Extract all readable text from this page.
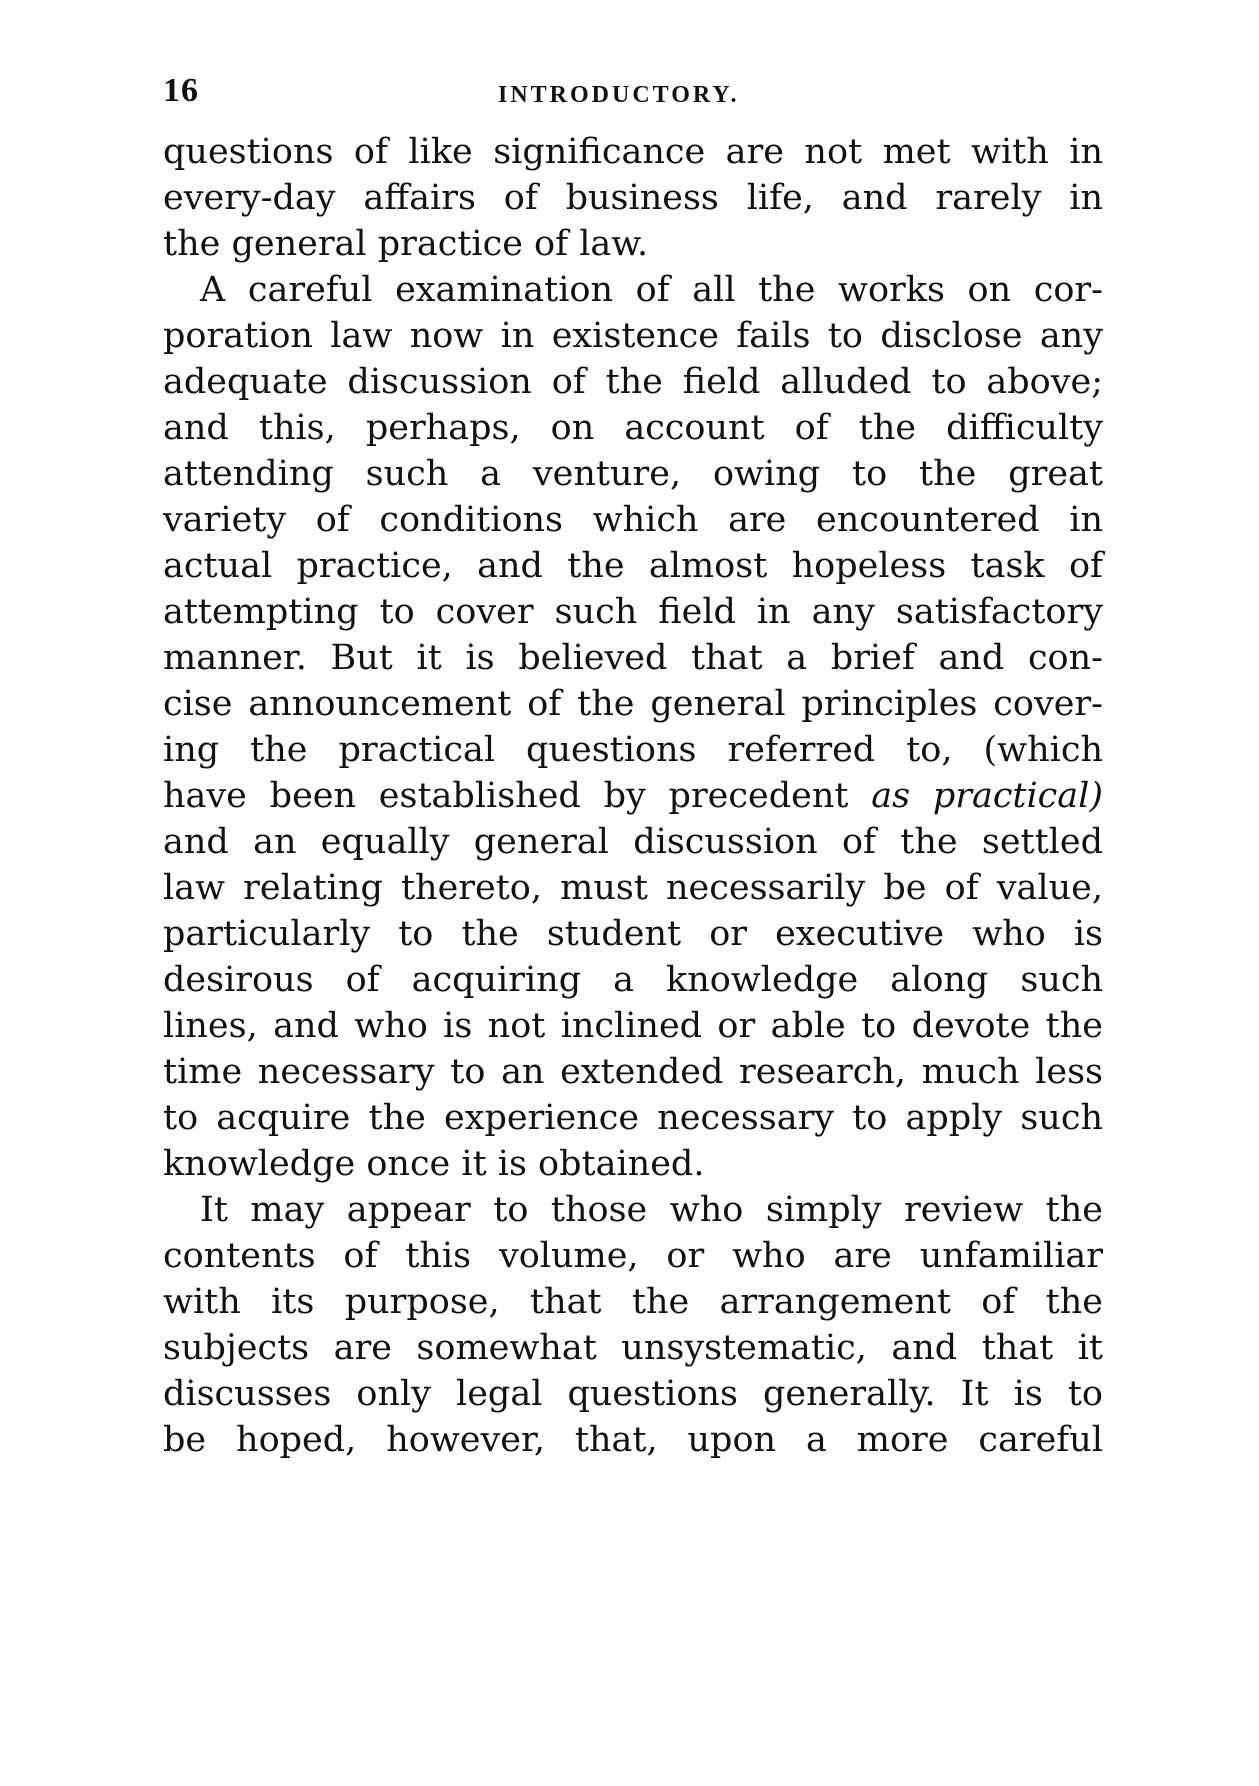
16	INTRODUCTORY.
questions of like significance are not met with in
every-day affairs of business life, and rarely in
the general practice of law.
A careful examination of all the works on cor-
poration law now in existence fails to disclose any
adequate discussion of the field alluded to above;
and this, perhaps, on account of the difficulty
attending such a venture, owing to the great
variety of conditions which are encountered in
actual practice, and the almost hopeless task of
attempting to cover such field in any satisfactory
manner. But it is believed that a brief and con-
cise announcement of the general principles cover-
ing the practical questions referred to, (which
have been established by precedent as practical)
and an equally general discussion of the settled
law relating thereto, must necessarily be of value,
particularly to the student or executive who is
desirous of acquiring a knowledge along such
lines, and who is not inclined or able to devote the
time necessary to an extended research, much less
to acquire the experience necessary to apply such
knowledge once it is obtained.
It may appear to those who simply review the
contents of this volume, or who are unfamiliar
with its purpose, that the arrangement of the
subjects are somewhat unsystematic, and that it
discusses only legal questions generally. It is to
be hoped, however, that, upon a more careful
